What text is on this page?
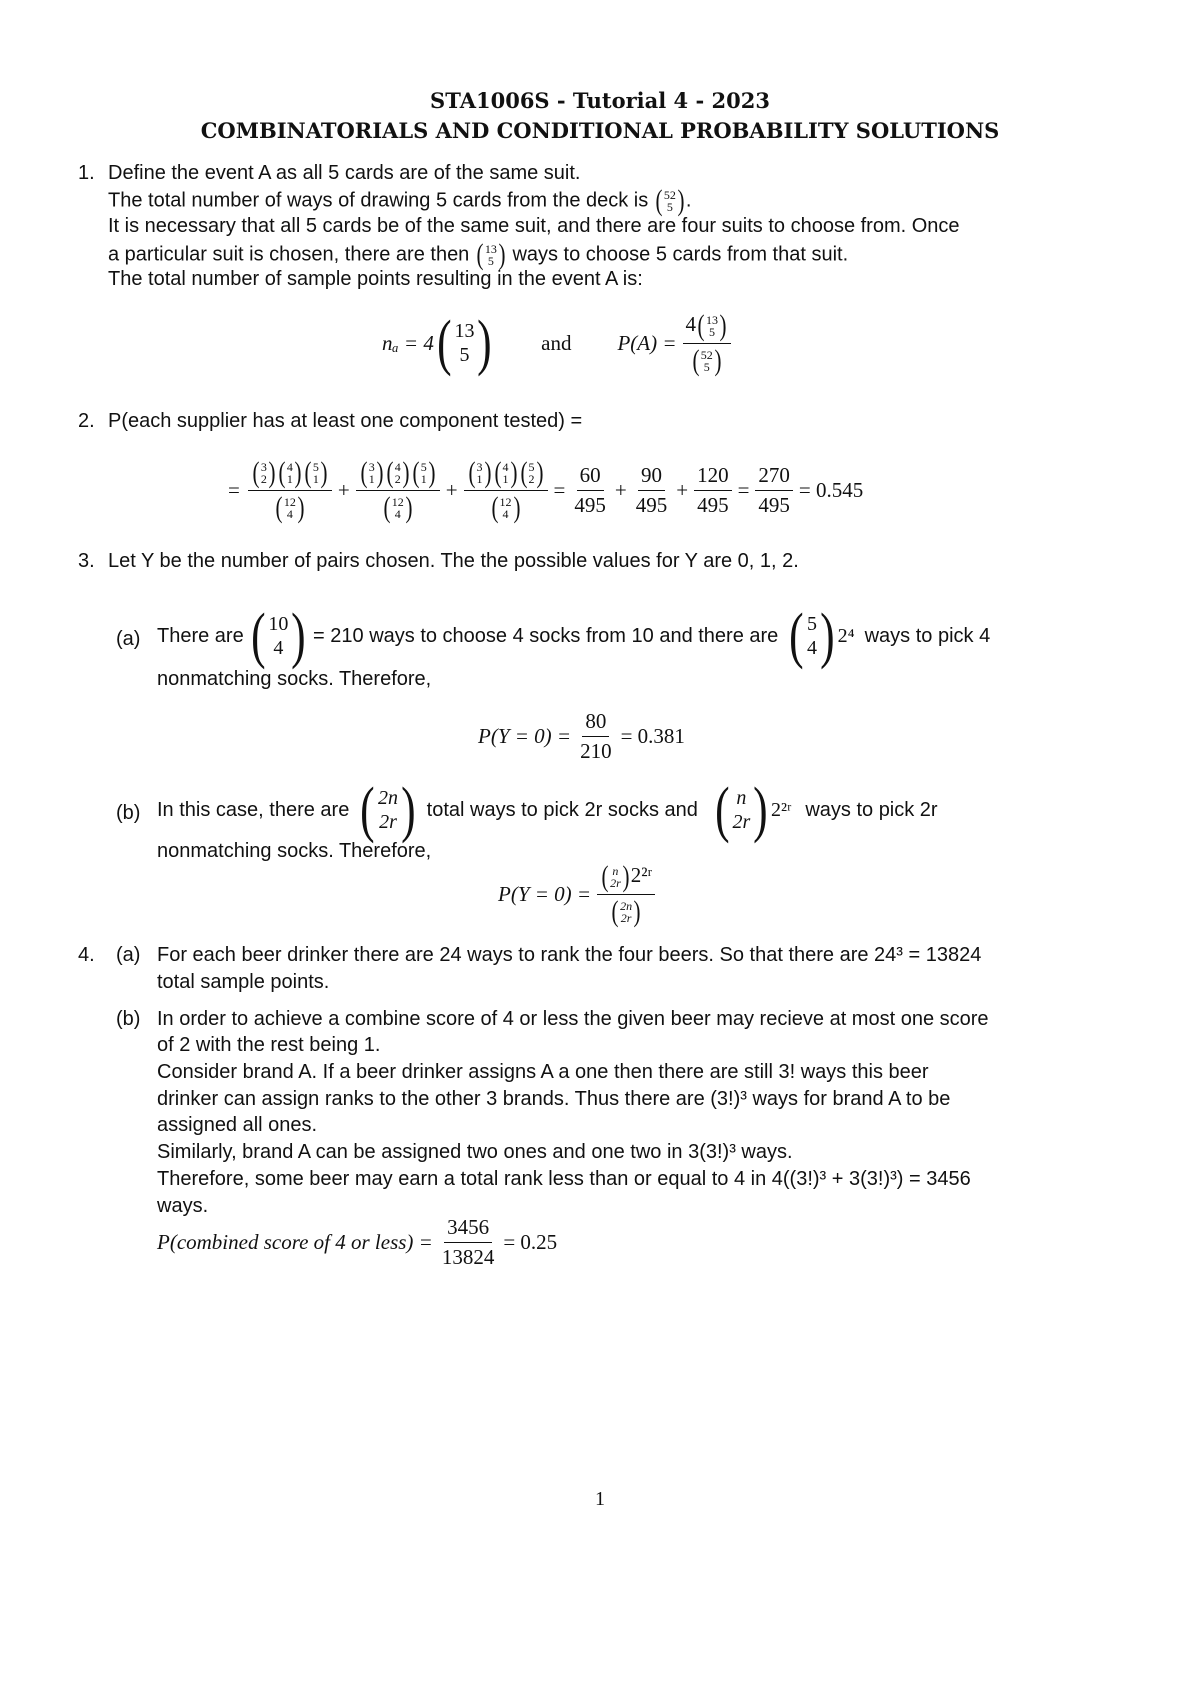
STA1006S - Tutorial 4 - 2023
COMBINATORIALS AND CONDITIONAL PROBABILITY SOLUTIONS
1. Define the event A as all 5 cards are of the same suit.
The total number of ways of drawing 5 cards from the deck is ( 52
5 ) .
It is necessary that all 5 cards be of the same suit, and there are four suits to choose from. Once
a particular suit is chosen, there are then ( 13
5 ) ways to choose 5 cards from that suit.
The total number of sample points resulting in the event A is:
nₐ = 4 ( 13
5 ) and P(A) = 4 ( 13
5 )
( 52
5 )
2. P(each supplier has at least one component tested) =
= ( 3
2 ) ( 4
1 ) ( 5
1 )
( 12
4 ) + ( 3
1 ) ( 4
2 ) ( 5
1 )
( 12
4 ) + ( 3
1 ) ( 4
1 ) ( 5
2 )
( 12
4 ) = $\frac{60}{495} + \frac{90}{495} + \frac{120}{495} = \frac{270}{495} = 0.545$
3. Let Y be the number of pairs chosen. The the possible values for Y are 0, 1, 2.
(a) There are ( 10
4 ) = 210 ways to choose 4 socks from 10 and there are ( 5
4 ) 2⁴ ways to pick 4
nonmatching socks. Therefore,
$P(Y = 0) = \frac{80}{210} = 0.381$
(b) In this case, there are ( 2n
2r ) total ways to pick 2r socks and ( n
2r ) 2²ʳ ways to pick 2r
nonmatching socks. Therefore,
P(Y = 0) = ( n
2r ) 2²ʳ
( 2n
2r )
4. (a) For each beer drinker there are 24 ways to rank the four beers. So that there are 24³ = 13824
total sample points.
(b) In order to achieve a combine score of 4 or less the given beer may recieve at most one score
of 2 with the rest being 1.
Consider brand A. If a beer drinker assigns A a one then there are still 3! ways this beer
drinker can assign ranks to the other 3 brands. Thus there are (3!)³ ways for brand A to be
assigned all ones.
Similarly, brand A can be assigned two ones and one two in 3(3!)³ ways.
Therefore, some beer may earn a total rank less than or equal to 4 in 4((3!)³ + 3(3!)³) = 3456
ways.
P(combined score of 4 or less) = $\frac{3456}{13824} = 0.25$
1
